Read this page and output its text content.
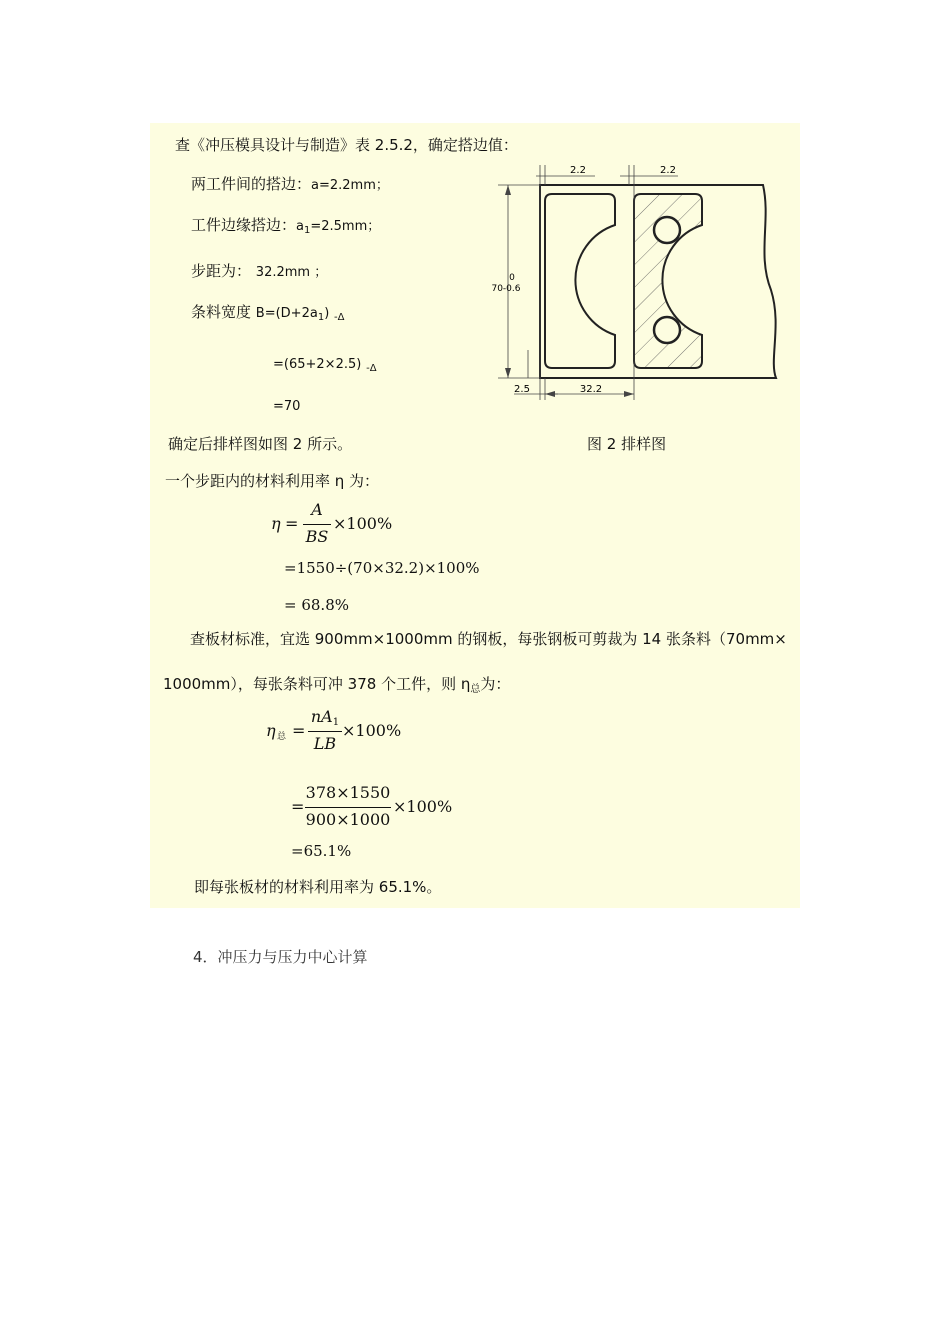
查《冲压模具设计与制造》表 2.5.2，确定搭边值：
两工件间的搭边：a=2.2mm；
工件边缘搭边：$a_1=2.5mm$；
步距为： 32.2mm ；
条料宽度 $B=(D+2a_1)$ $_{-\Delta}$
=(65+2×2.5) $_{-\Delta}$
=70
确定后排样图如图 2 所示。	图 2 排样图
2.2	2.2
0
70-0.6
2.5	32.2
一个步距内的材料利用率 η 为：
η =
A
BS
×100%
=1550÷(70×32.2)×100%
= 68.8%
查板材标准，宜选 900mm×1000mm 的钢板，每张钢板可剪裁为 14 张条料（70mm×
1000mm），每张条料可冲 378 个工件，则 $\eta_总$为：
η 总 =
nA1
LB
×100%
=
378×1550
900×1000
×100%
=65.1%
即每张板材的材料利用率为 65.1%。
4．冲压力与压力中心计算
